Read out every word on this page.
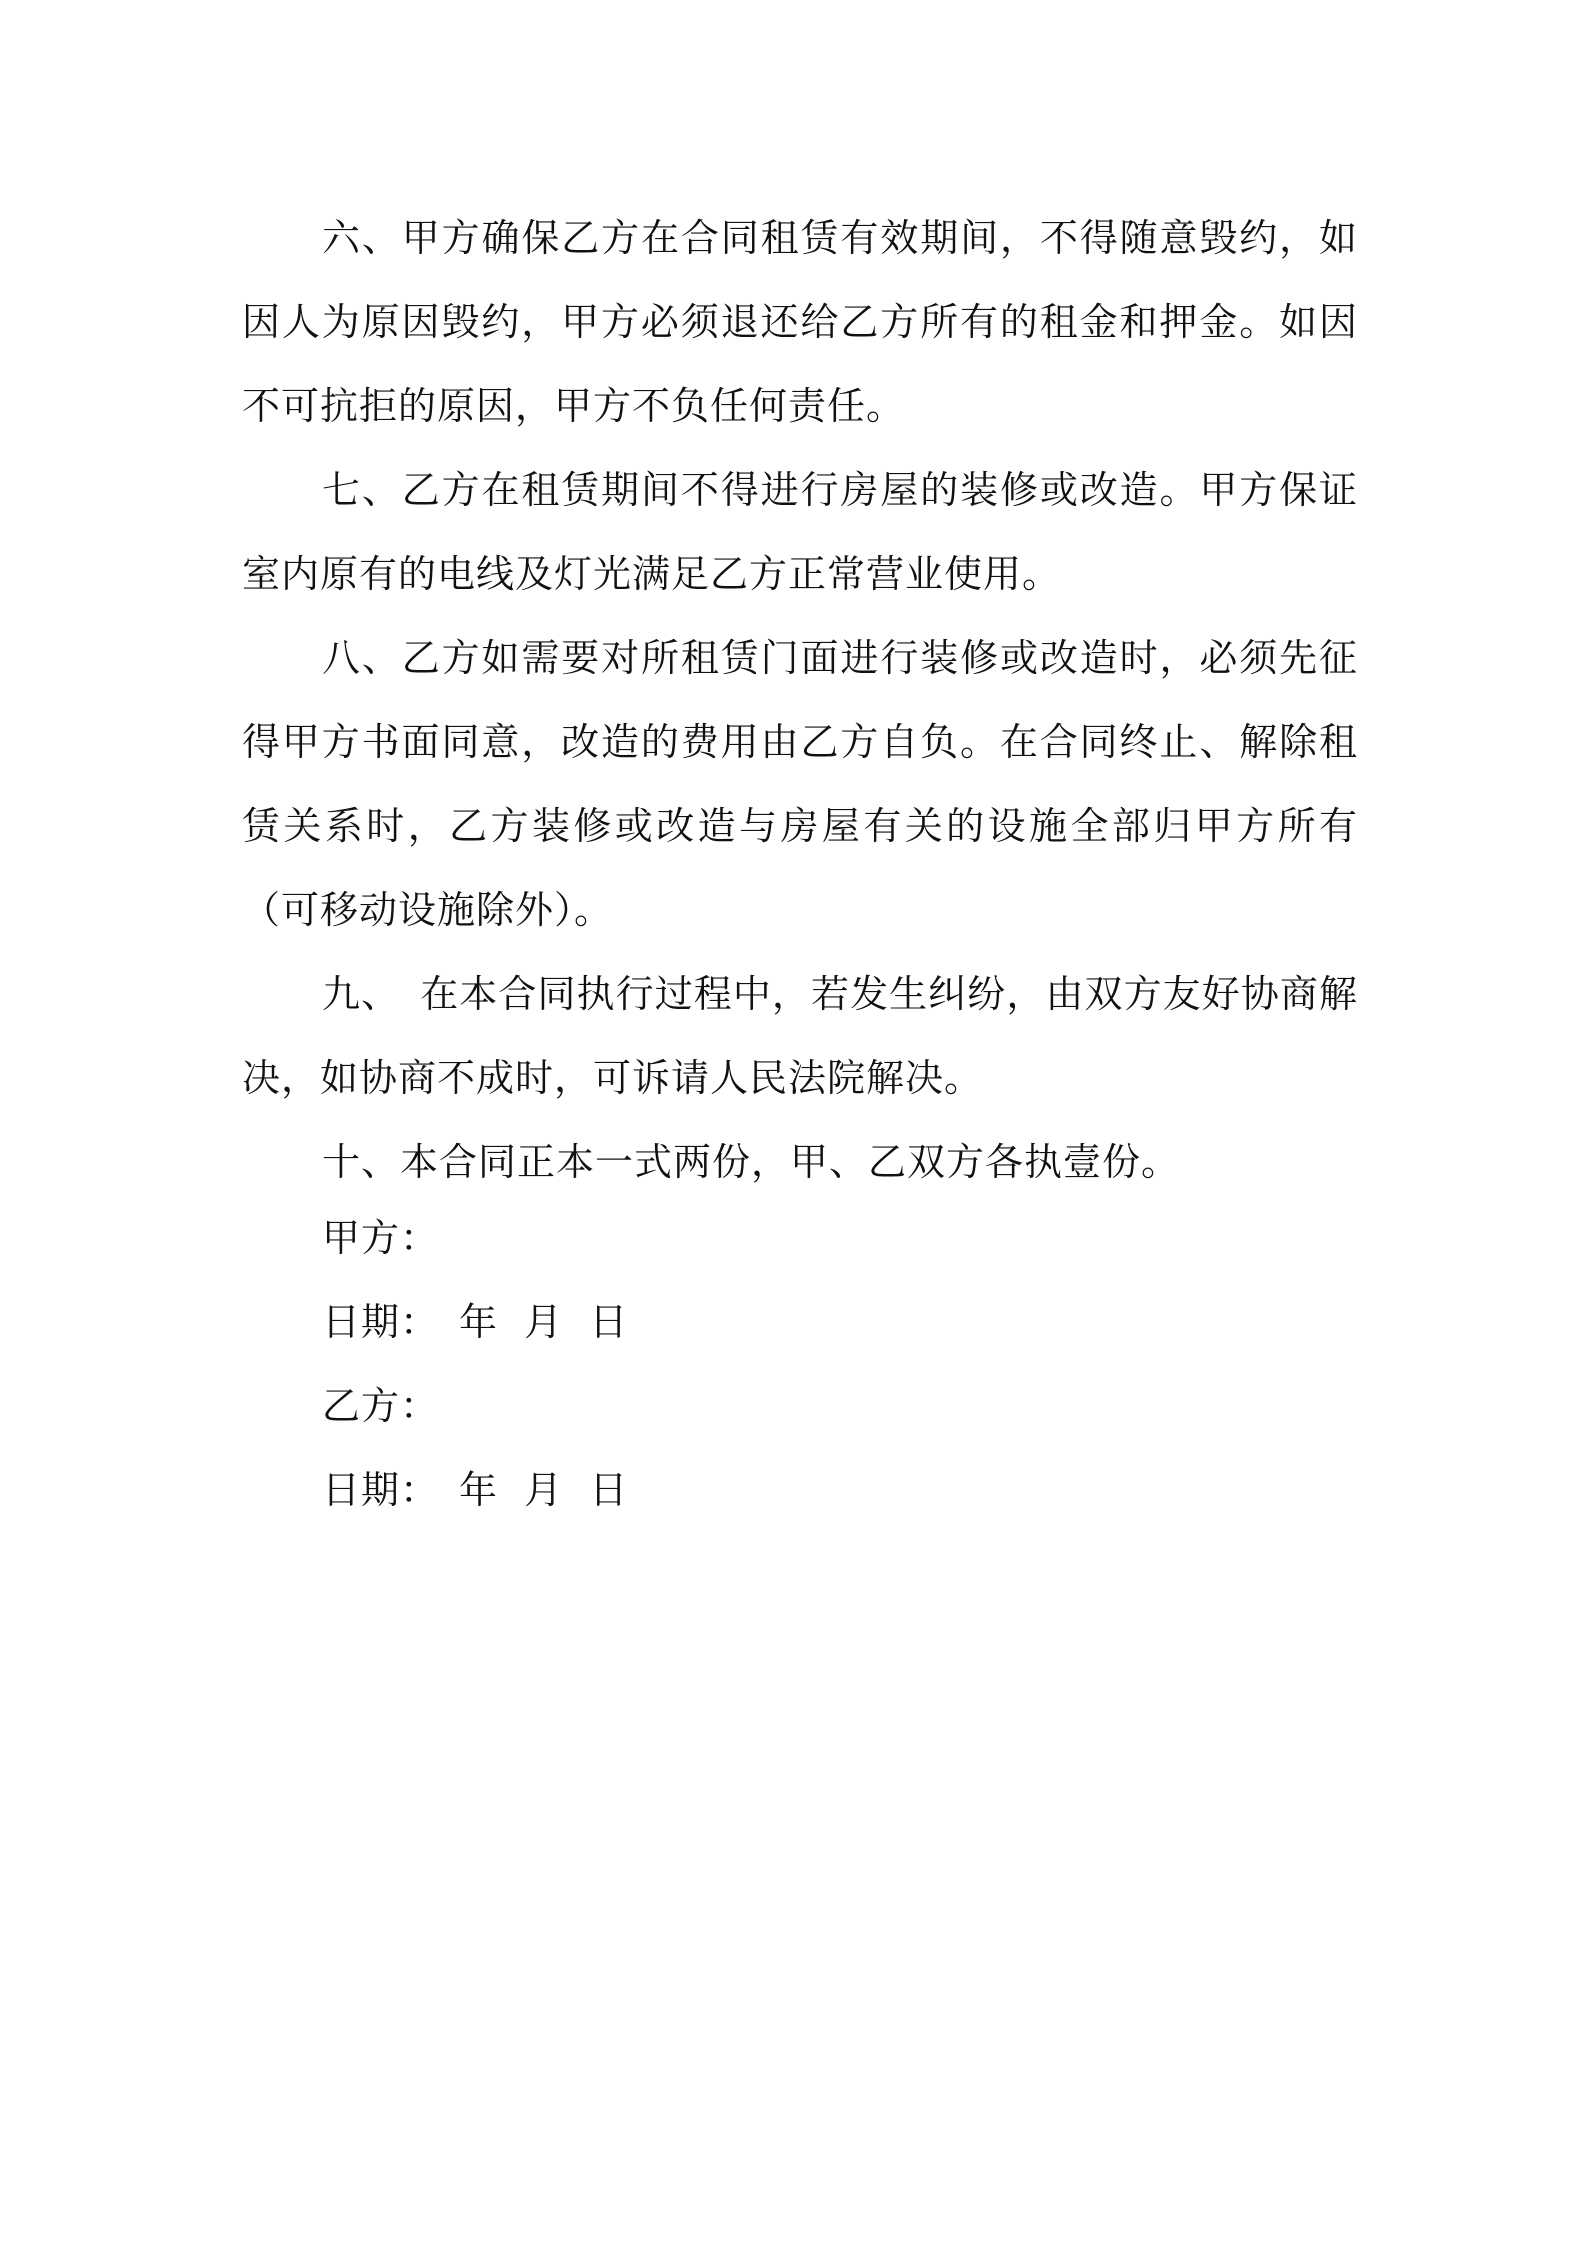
六、甲方确保乙方在合同租赁有效期间，不得随意毁约，如因人为原因毁约，甲方必须退还给乙方所有的租金和押金。如因不可抗拒的原因，甲方不负任何责任。

七、乙方在租赁期间不得进行房屋的装修或改造。甲方保证室内原有的电线及灯光满足乙方正常营业使用。

八、乙方如需要对所租赁门面进行装修或改造时，必须先征得甲方书面同意，改造的费用由乙方自负。在合同终止、解除租赁关系时，乙方装修或改造与房屋有关的设施全部归甲方所有（可移动设施除外）。

九、　在本合同执行过程中，若发生纠纷，由双方友好协商解决，如协商不成时，可诉请人民法院解决。

十、本合同正本一式两份，甲、乙双方各执壹份。

甲方：

日期：　年  月  日

乙方：

日期：　年  月  日
